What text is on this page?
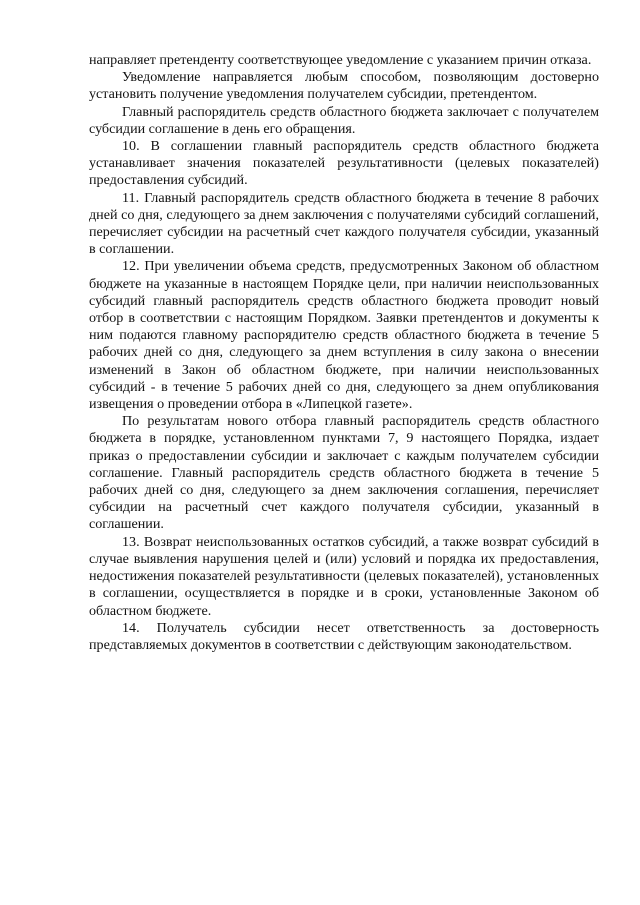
направляет претенденту соответствующее уведомление с указанием причин отказа.

Уведомление направляется любым способом, позволяющим достоверно установить получение уведомления получателем субсидии, претендентом.

Главный распорядитель средств областного бюджета заключает с получателем субсидии соглашение в день его обращения.

10. В соглашении главный распорядитель средств областного бюджета устанавливает значения показателей результативности (целевых показателей) предоставления субсидий.

11. Главный распорядитель средств областного бюджета в течение 8 рабочих дней со дня, следующего за днем заключения с получателями субсидий соглашений, перечисляет субсидии на расчетный счет каждого получателя субсидии, указанный в соглашении.

12. При увеличении объема средств, предусмотренных Законом об областном бюджете на указанные в настоящем Порядке цели, при наличии неиспользованных субсидий главный распорядитель средств областного бюджета проводит новый отбор в соответствии с настоящим Порядком. Заявки претендентов и документы к ним подаются главному распорядителю средств областного бюджета в течение 5 рабочих дней со дня, следующего за днем вступления в силу закона о внесении изменений в Закон об областном бюджете, при наличии неиспользованных субсидий - в течение 5 рабочих дней со дня, следующего за днем опубликования извещения о проведении отбора в «Липецкой газете».

По результатам нового отбора главный распорядитель средств областного бюджета в порядке, установленном пунктами 7, 9 настоящего Порядка, издает приказ о предоставлении субсидии и заключает с каждым получателем субсидии соглашение. Главный распорядитель средств областного бюджета в течение 5 рабочих дней со дня, следующего за днем заключения соглашения, перечисляет субсидии на расчетный счет каждого получателя субсидии, указанный в соглашении.

13. Возврат неиспользованных остатков субсидий, а также возврат субсидий в случае выявления нарушения целей и (или) условий и порядка их предоставления, недостижения показателей результативности (целевых показателей), установленных в соглашении, осуществляется в порядке и в сроки, установленные Законом об областном бюджете.

14. Получатель субсидии несет ответственность за достоверность представляемых документов в соответствии с действующим законодательством.
